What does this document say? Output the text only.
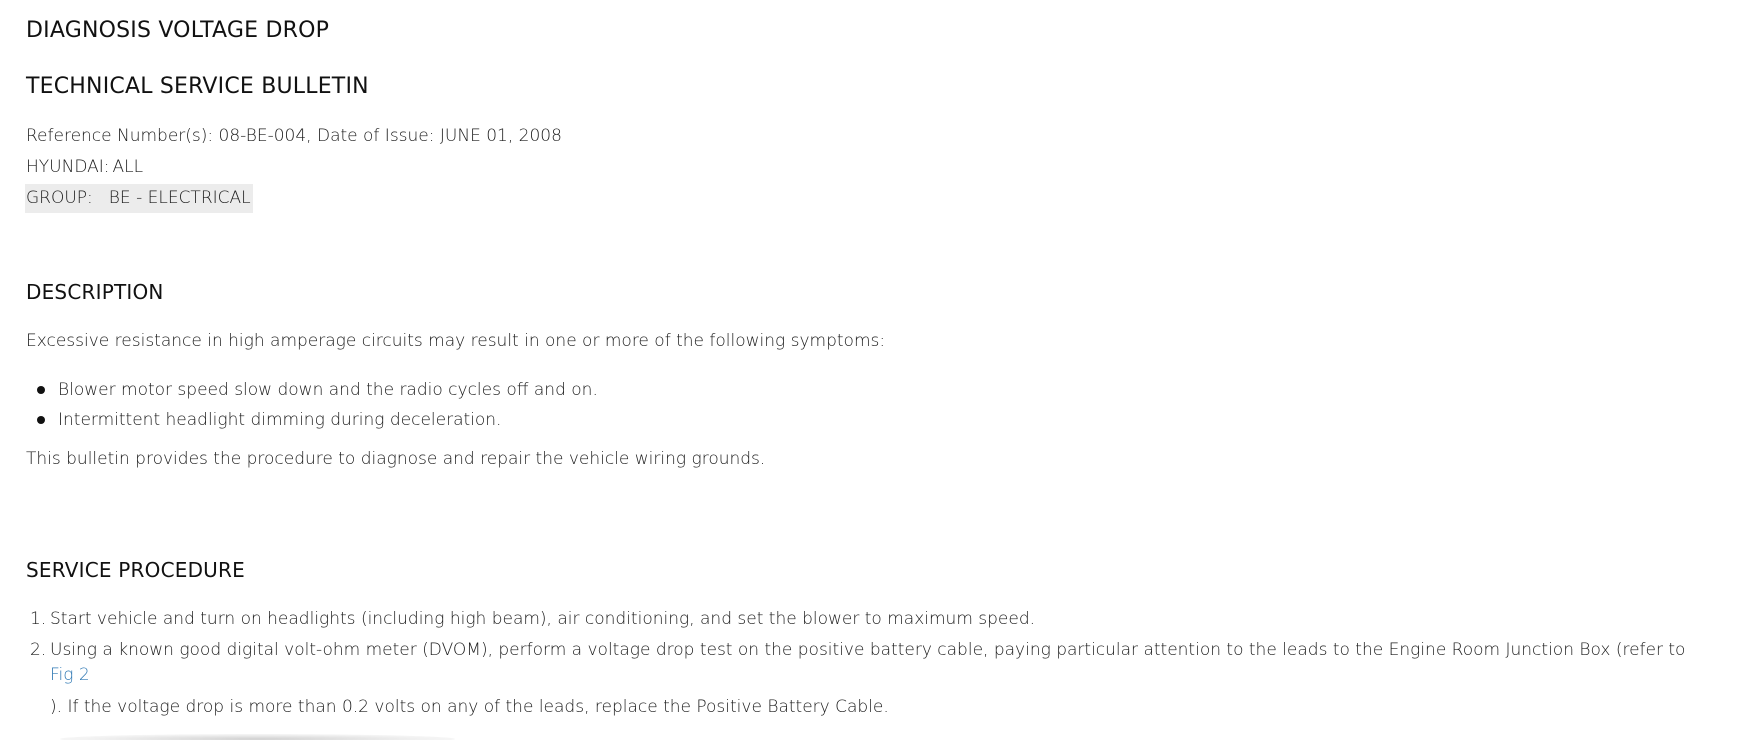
DIAGNOSIS VOLTAGE DROP
TECHNICAL SERVICE BULLETIN
Reference Number(s): 08-BE-004, Date of Issue: JUNE 01, 2008
HYUNDAI: ALL
GROUP: BE - ELECTRICAL
DESCRIPTION
Excessive resistance in high amperage circuits may result in one or more of the following symptoms:
Blower motor speed slow down and the radio cycles off and on.
Intermittent headlight dimming during deceleration.
This bulletin provides the procedure to diagnose and repair the vehicle wiring grounds.
SERVICE PROCEDURE
1. Start vehicle and turn on headlights (including high beam), air conditioning, and set the blower to maximum speed.
2. Using a known good digital volt-ohm meter (DVOM), perform a voltage drop test on the positive battery cable, paying particular attention to the leads to the Engine Room Junction Box (refer to
Fig 2
). If the voltage drop is more than 0.2 volts on any of the leads, replace the Positive Battery Cable.
